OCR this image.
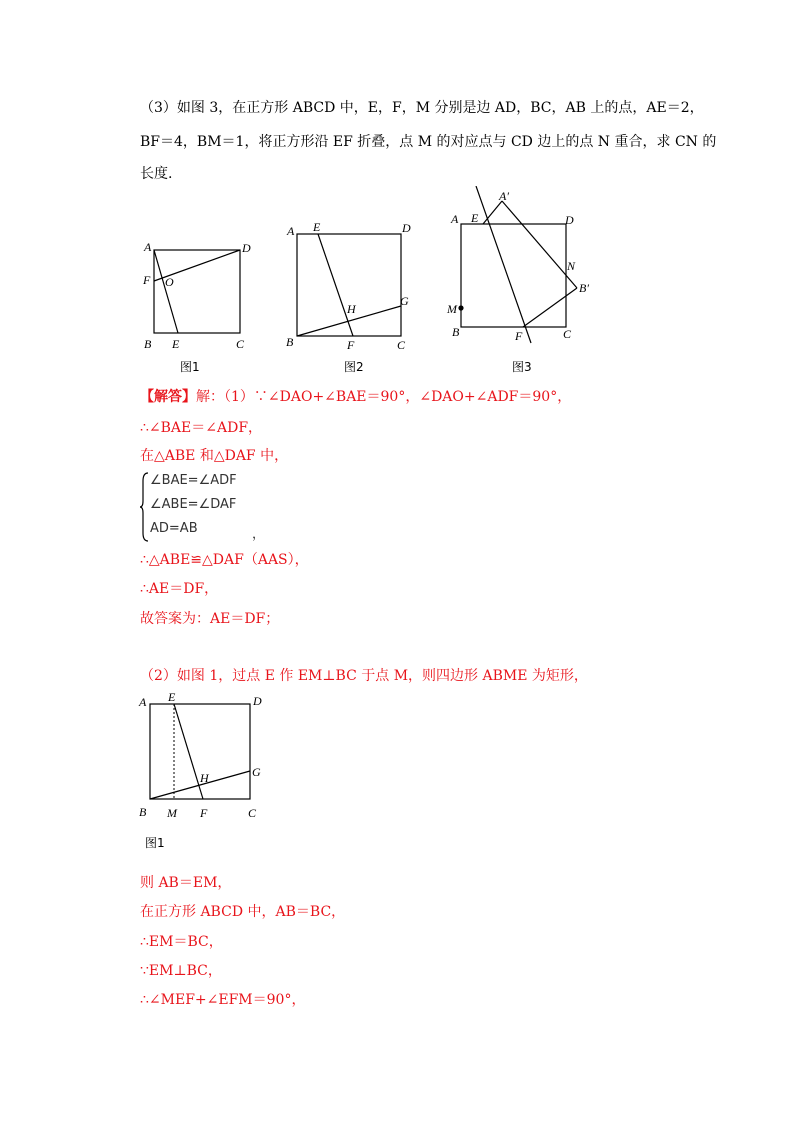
（3）如图 3，在正方形 ABCD 中，E，F，M 分别是边 AD，BC，AB 上的点，AE＝2，
BF＝4，BM＝1，将正方形沿 EF 折叠，点 M 的对应点与 CD 边上的点 N 重合，求 CN 的
长度.
A	D
F O
B E	C
图1
A E	D
G
H
B	F	C
图2
A E
A′
D
N
B′
M
B	F	C
图3
【解答】解：（1）∵∠DAO+∠BAE＝90°，∠DAO+∠ADF＝90°，
∴∠BAE＝∠ADF，
在△ABE 和△DAF 中，
∠BAE=∠ADF
∠ABE=∠DAF
AD=AB	，
∴△ABE≌△DAF（AAS），
∴AE＝DF，
故答案为：AE＝DF；
（2）如图 1，过点 E 作 EM⊥BC 于点 M，则四边形 ABME 为矩形，
A E	D
G
H
B M F	C
图1
则 AB＝EM，
在正方形 ABCD 中，AB＝BC，
∴EM＝BC，
∵EM⊥BC，
∴∠MEF+∠EFM＝90°，
